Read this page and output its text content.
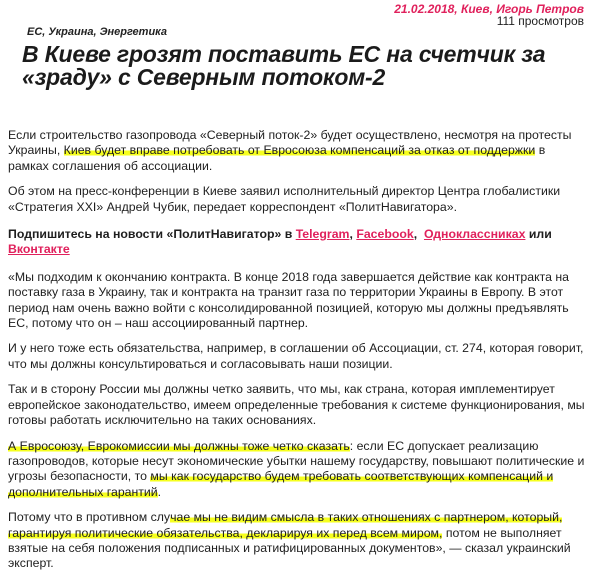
21.02.2018, Киев, Игорь Петров
111 просмотров
ЕС, Украина, Энергетика
В Киеве грозят поставить ЕС на счетчик за «зраду» с Северным потоком-2

Если строительство газопровода «Северный поток-2» будет осуществлено, несмотря на протесты Украины, Киев будет вправе потребовать от Евросоюза компенсаций за отказ от поддержки в рамках соглашения об ассоциации.

Об этом на пресс-конференции в Киеве заявил исполнительный директор Центра глобалистики «Стратегия XXI» Андрей Чубик, передает корреспондент «ПолитНавигатора».

Подпишитесь на новости «ПолитНавигатор» в Telegram, Facebook,  Одноклассниках или Вконтакте

«Мы подходим к окончанию контракта. В конце 2018 года завершается действие как контракта на поставку газа в Украину, так и контракта на транзит газа по территории Украины в Европу. В этот период нам очень важно войти с консолидированной позицией, которую мы должны предъявлять ЕС, потому что он – наш ассоциированный партнер.

И у него тоже есть обязательства, например, в соглашении об Ассоциации, ст. 274, которая говорит, что мы должны консультироваться и согласовывать наши позиции.

Так и в сторону России мы должны четко заявить, что мы, как страна, которая имплементирует европейское законодательство, имеем определенные требования к системе функционирования, мы готовы работать исключительно на таких основаниях.

А Евросоюзу, Еврокомиссии мы должны тоже четко сказать: если ЕС допускает реализацию газопроводов, которые несут экономические убытки нашему государству, повышают политические и угрозы безопасности, то мы как государство будем требовать соответствующих компенсаций и дополнительных гарантий.

Потому что в противном случае мы не видим смысла в таких отношениях с партнером, который, гарантируя политические обязательства, декларируя их перед всем миром, потом не выполняет взятые на себя положения подписанных и ратифицированных документов», — сказал украинский эксперт.
